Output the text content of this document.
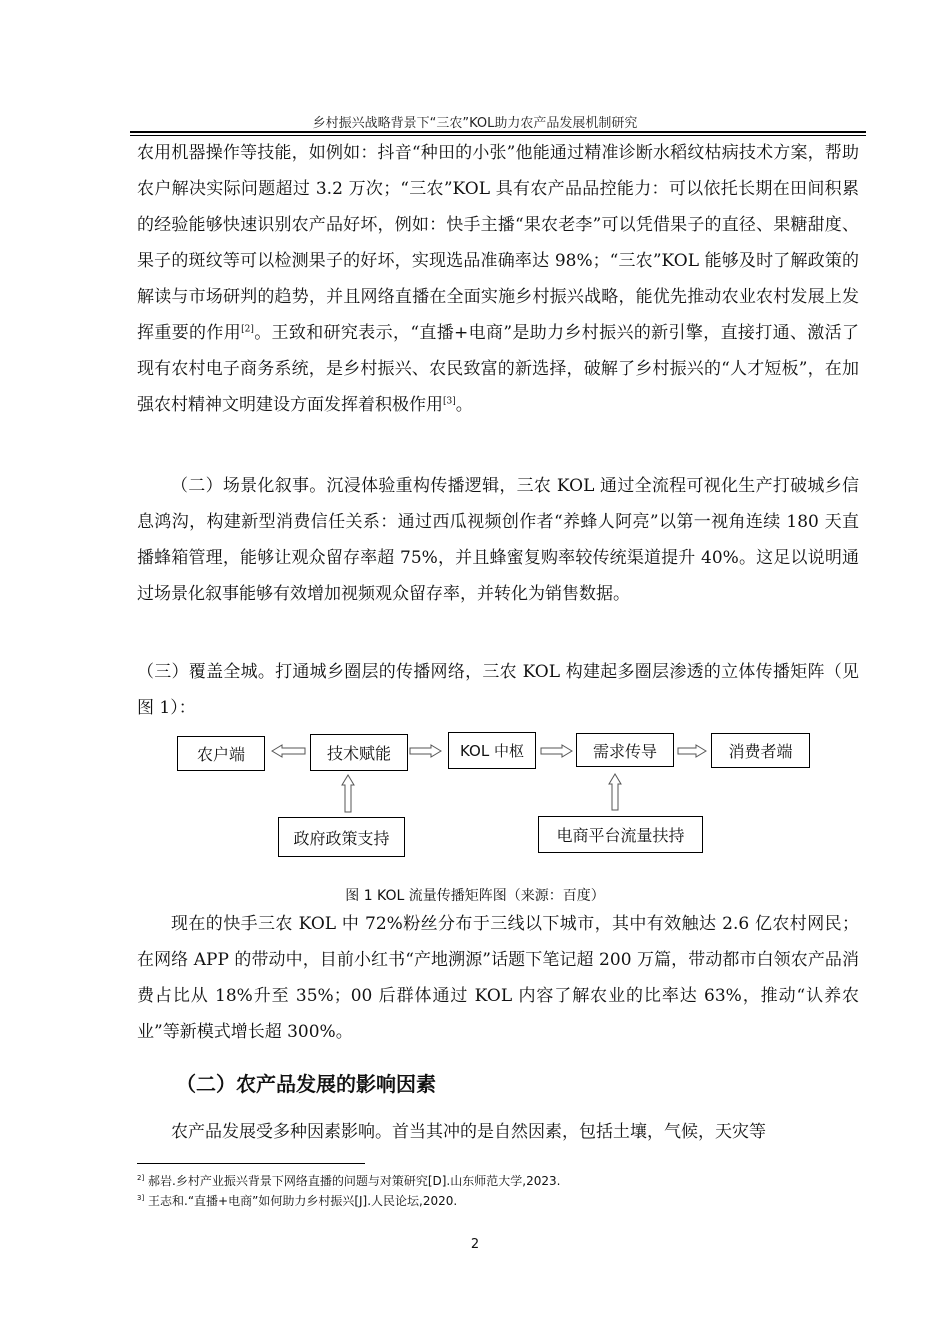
乡村振兴战略背景下“三农”KOL助力农产品发展机制研究

农用机器操作等技能，如例如：抖音“种田的小张”他能通过精准诊断水稻纹枯病技术方案，帮助农户解决实际问题超过 3.2 万次；“三农”KOL 具有农产品品控能力：可以依托长期在田间积累的经验能够快速识别农产品好坏，例如：快手主播“果农老李”可以凭借果子的直径、果糖甜度、果子的斑纹等可以检测果子的好坏，实现选品准确率达 98%；“三农”KOL 能够及时了解政策的解读与市场研判的趋势，并且网络直播在全面实施乡村振兴战略，能优先推动农业农村发展上发挥重要的作用[2]。王致和研究表示，“直播+电商”是助力乡村振兴的新引擎，直接打通、激活了现有农村电子商务系统，是乡村振兴、农民致富的新选择，破解了乡村振兴的“人才短板”，在加强农村精神文明建设方面发挥着积极作用[3]。

（二）场景化叙事。沉浸体验重构传播逻辑，三农 KOL 通过全流程可视化生产打破城乡信息鸿沟，构建新型消费信任关系：通过西瓜视频创作者“养蜂人阿亮”以第一视角连续 180 天直播蜂箱管理，能够让观众留存率超 75%，并且蜂蜜复购率较传统渠道提升 40%。这足以说明通过场景化叙事能够有效增加视频观众留存率，并转化为销售数据。

（三）覆盖全城。打通城乡圈层的传播网络，三农 KOL 构建起多圈层渗透的立体传播矩阵（见图 1）：

农户端	技术赋能	KOL 中枢	需求传导	消费者端
政府政策支持	电商平台流量扶持
图 1 KOL 流量传播矩阵图（来源：百度）

现在的快手三农 KOL 中 72%粉丝分布于三线以下城市，其中有效触达 2.6 亿农村网民；在网络 APP 的带动中，目前小红书“产地溯源”话题下笔记超 200 万篇，带动都市白领农产品消费占比从 18%升至 35%；00 后群体通过 KOL 内容了解农业的比率达 63%，推动“认养农业”等新模式增长超 300%。

（二）农产品发展的影响因素

农产品发展受多种因素影响。首当其冲的是自然因素，包括土壤，气候，天灾等

$^{2]}$ 郝岩.乡村产业振兴背景下网络直播的问题与对策研究[D].山东师范大学,2023.
$^{3]}$ 王志和.“直播+电商”如何助力乡村振兴[J].人民论坛,2020.
2
